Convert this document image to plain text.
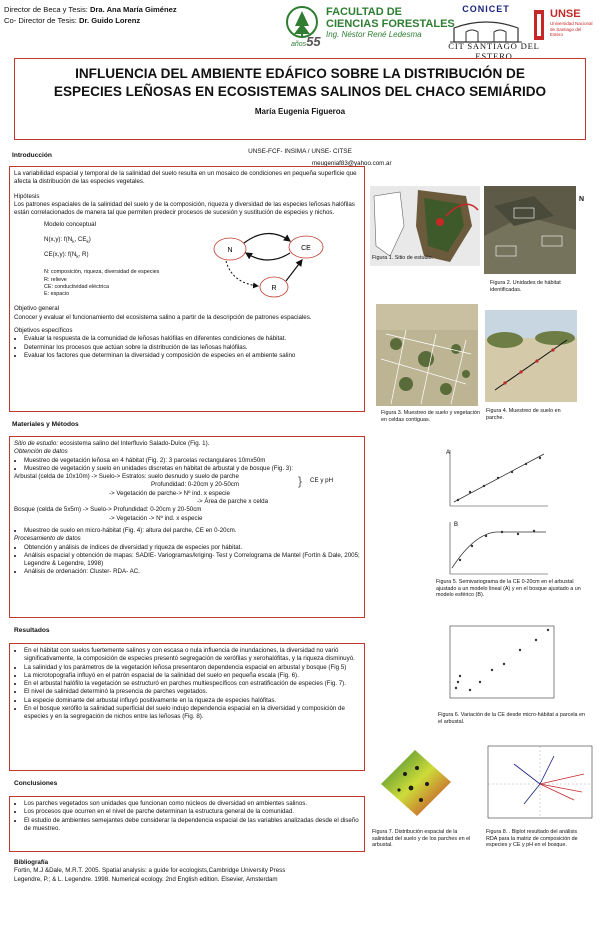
Director de Beca y Tesis: Dra. Ana María Giménez
Co- Director de Tesis: Dr. Guido Lorenz
años55
FACULTAD DE
CIENCIAS FORESTALES
Ing. Néstor René Ledesma
CONICET
CIT SANTIAGO DEL ESTERO
UNSE
Universidad Nacional de Santiago del Estero
INFLUENCIA DEL AMBIENTE EDÁFICO SOBRE LA DISTRIBUCIÓN DE
ESPECIES LEÑOSAS EN ECOSISTEMAS SALINOS DEL CHACO SEMIÁRIDO
María Eugenia Figueroa
UNSE-FCF- INSIMA / UNSE- CITSE
meugeniaf83@yahoo.com.ar
Introducción
La variabilidad espacial y temporal de la salinidad del suelo resulta en un mosaico de condiciones en pequeña superficie que afecta la distribución de las especies vegetales.
Hipótesis
Los patrones espaciales de la salinidad del suelo y de la composición, riqueza y diversidad de las especies leñosas halófilas están correlacionados de manera tal que permiten predecir procesos de sucesión y sustitución de especies y nichos.
Modelo conceptual
N(x,y): $f(N_k$, $CE_k$)
CE(x,y): $f(N_k$, R)
N: composición, riqueza, diversidad de especies
R: relieve
CE: conductividad eléctrica
E: espacio
N	CE
R
Objetivo general
Conocer y evaluar el funcionamiento del ecosistema salino a partir de la descripción de patrones espaciales.
Objetivos específicos
• Evaluar la respuesta de la comunidad de leñosas halófilas en diferentes condiciones de hábitat.
• Determinar los procesos que actúan sobre la distribución de las leñosas halófilas.
• Evaluar los factores que determinan la diversidad y composición de especies en el ambiente salino
Materiales y Métodos
Sitio de estudio: ecosistema salino del Interfluvio Salado-Dulce (Fig. 1).
Obtención de datos
• Muestreo de vegetación leñosa en 4 hábitat (Fig. 2): 3 parcelas rectangulares 10mx50m
• Muestreo de vegetación y suelo en unidades discretas en hábitat de arbustal y de bosque (Fig. 3):
Arbustal (celda de 10x10m) -> Suelo-> Estratos: suelo desnudo y suelo de parche	} CE y pH
Profundidad: 0-20cm y 20-50cm
-> Vegetación de parche-> Nº ind. x especie
-> Área de parche x celda
Bosque (celda de 5x5m) -> Suelo-> Profundidad: 0-20cm y 20-50cm
-> Vegetación -> Nº ind. x especie
• Muestreo de suelo en micro-hábitat (Fig. 4): altura del parche, CE en 0-20cm.
Procesamiento de datos
• Obtención y análisis de índices de diversidad y riqueza de especies por hábitat.
• Análisis espacial y obtención de mapas: SADIE- Variogramas/kriging- Test y Correlograma de Mantel (Fortín & Dale, 2005; Legendre & Legendre, 1998)
• Análisis de ordenación: Cluster- RDA- AC.
Resultados
• En el hábitat con suelos fuertemente salinos y con escasa o nula influencia de inundaciones, la diversidad no varió significativamente, la composición de especies presentó segregación de xerófilas y xerohalófitas, y la riqueza disminuyó.
• La salinidad y los parámetros de la vegetación leñosa presentaron dependencia espacial en arbustal y bosque (Fig 5)
• La microtopografía influyó en el patrón espacial de la salinidad del suelo en pequeña escala (Fig. 6).
• En el arbustal halófilo la vegetación se estructuró en parches multiespecíficos con estratificación de especies (Fig. 7).
• El nivel de salinidad determinó la presencia de parches vegetados.
• La especie dominante del arbustal influyó positivamente en la riqueza de especies halófitas.
• En el bosque xerófilo la salinidad superficial del suelo indujo dependencia espacial en la diversidad y composición de especies y en la segregación de nichos entre las leñosas (Fig. 8).
Conclusiones
• Los parches vegetados son unidades que funcionan como núcleos de diversidad en ambientes salinos.
• Los procesos que ocurren en el nivel de parche determinan la estructura general de la comunidad.
• El estudio de ambientes semejantes debe considerar la dependencia espacial de las variables analizadas desde el diseño de muestreo.
Bibliografía
Fortin, M.J &Dale, M.R.T. 2005. Spatial analysis: a guide for ecologists,Cambridge University Press
Legendre, P.; & L. Legendre. 1998. Numerical ecology. 2nd English edition. Elsevier, Amsterdam
N
Figura 1. Sitio de estudio.
Figura 2. Unidades de hábitat identificadas.
Figura 3. Muestreo de suelo y vegetación en celdas contiguas.
Figura 4. Muestreo de suelo en parche.
A
B
Figura 5. Semivariograma de la CE 0-20cm en el arbustal ajustado a un modelo lineal (A) y en el bosque ajustado a un modelo esférico (B).
Figura 6. Variación de la CE desde micro-hábitat a parcela en el arbustal.
Figura 7. Distribución espacial de la salinidad del suelo y de los parches en el arbustal.
Figura 8. . Biplot resultado del análisis RDA para la matriz de composición de especies y CE y pH en el bosque.
